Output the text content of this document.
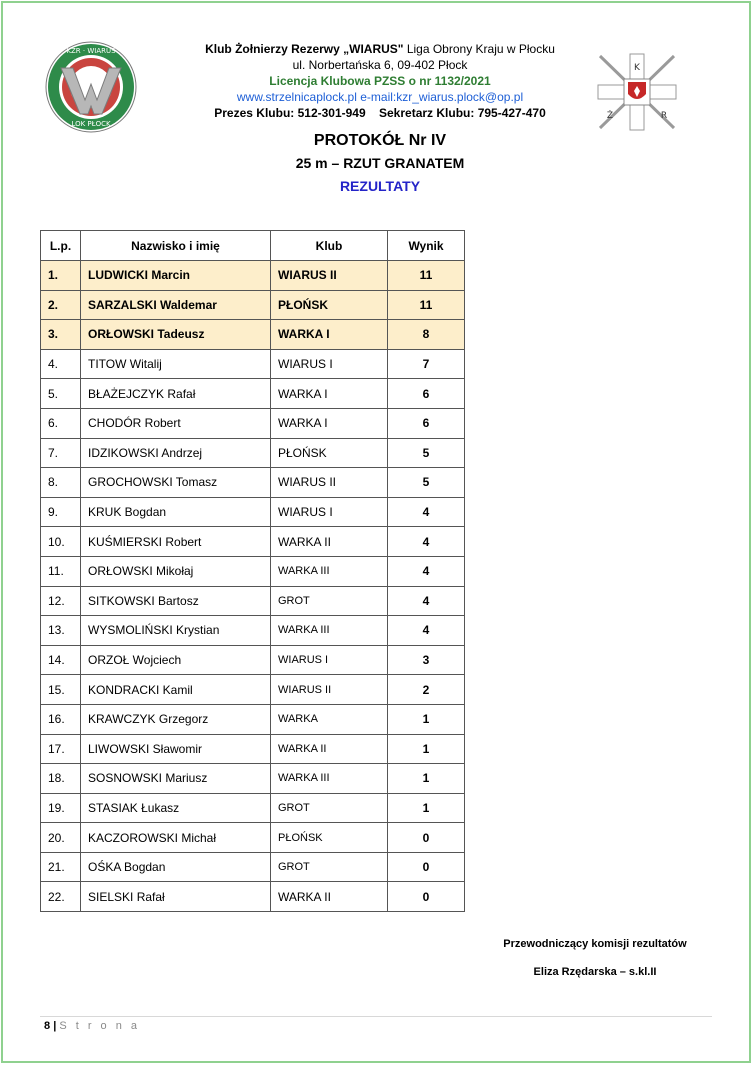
KŻR · WIARUS
LOK PŁOCK
K
Ż	R
Klub Żołnierzy Rezerwy „WIARUS" Liga Obrony Kraju w Płocku
ul. Norbertańska 6, 09-402 Płock
Licencja Klubowa PZSS o nr 1132/2021
www.strzelnicaplock.pl e-mail:kzr_wiarus.plock@op.pl
Prezes Klubu: 512-301-949 Sekretarz Klubu: 795-427-470
PROTOKÓŁ Nr IV
25 m – RZUT GRANATEM
REZULTATY
L.p.	Nazwisko i imię	Klub	Wynik
1.	LUDWICKI Marcin	WIARUS II	11
2.	SARZALSKI Waldemar	PŁOŃSK	11
3.	ORŁOWSKI Tadeusz	WARKA I	8
4.	TITOW Witalij	WIARUS I	7
5.	BŁAŻEJCZYK Rafał	WARKA I	6
6.	CHODÓR Robert	WARKA I	6
7.	IDZIKOWSKI Andrzej	PŁOŃSK	5
8.	GROCHOWSKI Tomasz	WIARUS II	5
9.	KRUK Bogdan	WIARUS I	4
10.	KUŚMIERSKI Robert	WARKA II	4
11.	ORŁOWSKI Mikołaj	WARKA III	4
12.	SITKOWSKI Bartosz	GROT	4
13.	WYSMOLIŃSKI Krystian	WARKA III	4
14.	ORZOŁ Wojciech	WIARUS I	3
15.	KONDRACKI Kamil	WIARUS II	2
16.	KRAWCZYK Grzegorz	WARKA	1
17.	LIWOWSKI Sławomir	WARKA II	1
18.	SOSNOWSKI Mariusz	WARKA III	1
19.	STASIAK Łukasz	GROT	1
20.	KACZOROWSKI Michał	PŁOŃSK	0
21.	OŚKA Bogdan	GROT	0
22.	SIELSKI Rafał	WARKA II	0
Przewodniczący komisji rezultatów
Eliza Rzędarska – s.kl.II
8 | S t r o n a
